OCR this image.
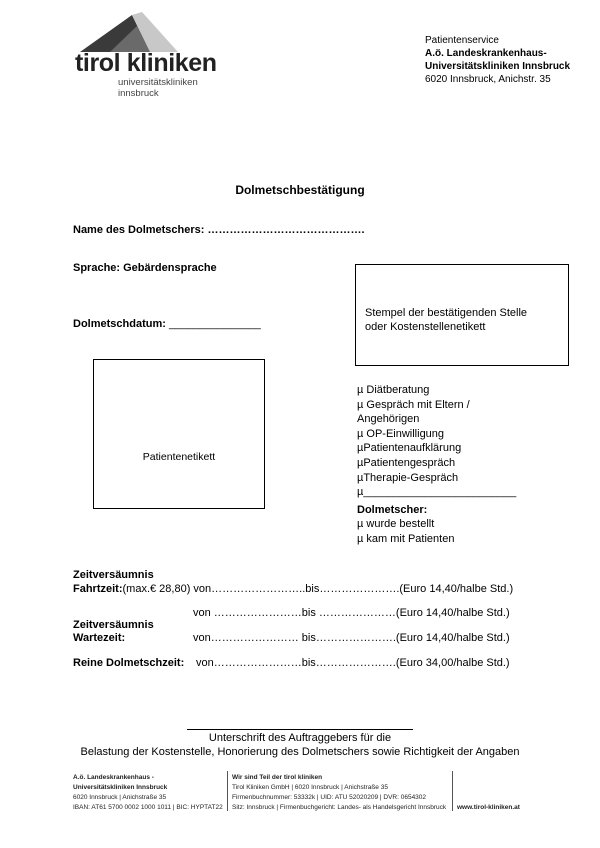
tirol kliniken
universitätskliniken
innsbruck
Patientenservice
A.ö. Landeskrankenhaus-
Universitätskliniken Innsbruck
6020 Innsbruck, Anichstr. 35
Dolmetschbestätigung
Name des Dolmetschers: …………………………………….
Sprache: Gebärdensprache
Dolmetschdatum: _______________
Stempel der bestätigenden Stelle
oder Kostenstellenetikett
Patientenetikett
µ Diätberatung
µ Gespräch mit Eltern /
Angehörigen
µ OP-Einwilligung
µPatientenaufklärung
µPatientengespräch
µTherapie-Gespräch
µ_________________________
Dolmetscher:
µ wurde bestellt
µ kam mit Patienten
Zeitversäumnis
Fahrtzeit:(max.€ 28,80) von……………………..bis………………….(Euro 14,40/halbe Std.)
von ……………………bis …………………(Euro 14,40/halbe Std.)
Zeitversäumnis
Wartezeit:	von…………………… bis………………….(Euro 14,40/halbe Std.)
Reine Dolmetschzeit: von……………………bis………………….(Euro 34,00/halbe Std.)
Unterschrift des Auftraggebers für die
Belastung der Kostenstelle, Honorierung des Dolmetschers sowie Richtigkeit der Angaben
A.ö. Landeskrankenhaus -
Universitätskliniken Innsbruck
6020 Innsbruck | Anichstraße 35
IBAN: AT61 5700 0002 1000 1011 | BIC: HYPTAT22
Wir sind Teil der tirol kliniken
Tirol Kliniken GmbH | 6020 Innsbruck | Anichstraße 35
Firmenbuchnummer: 53332k | UID: ATU 52020209 | DVR: 0654302
Sitz: Innsbruck | Firmenbuchgericht: Landes- als Handelsgericht Innsbruck www.tirol-kliniken.at
